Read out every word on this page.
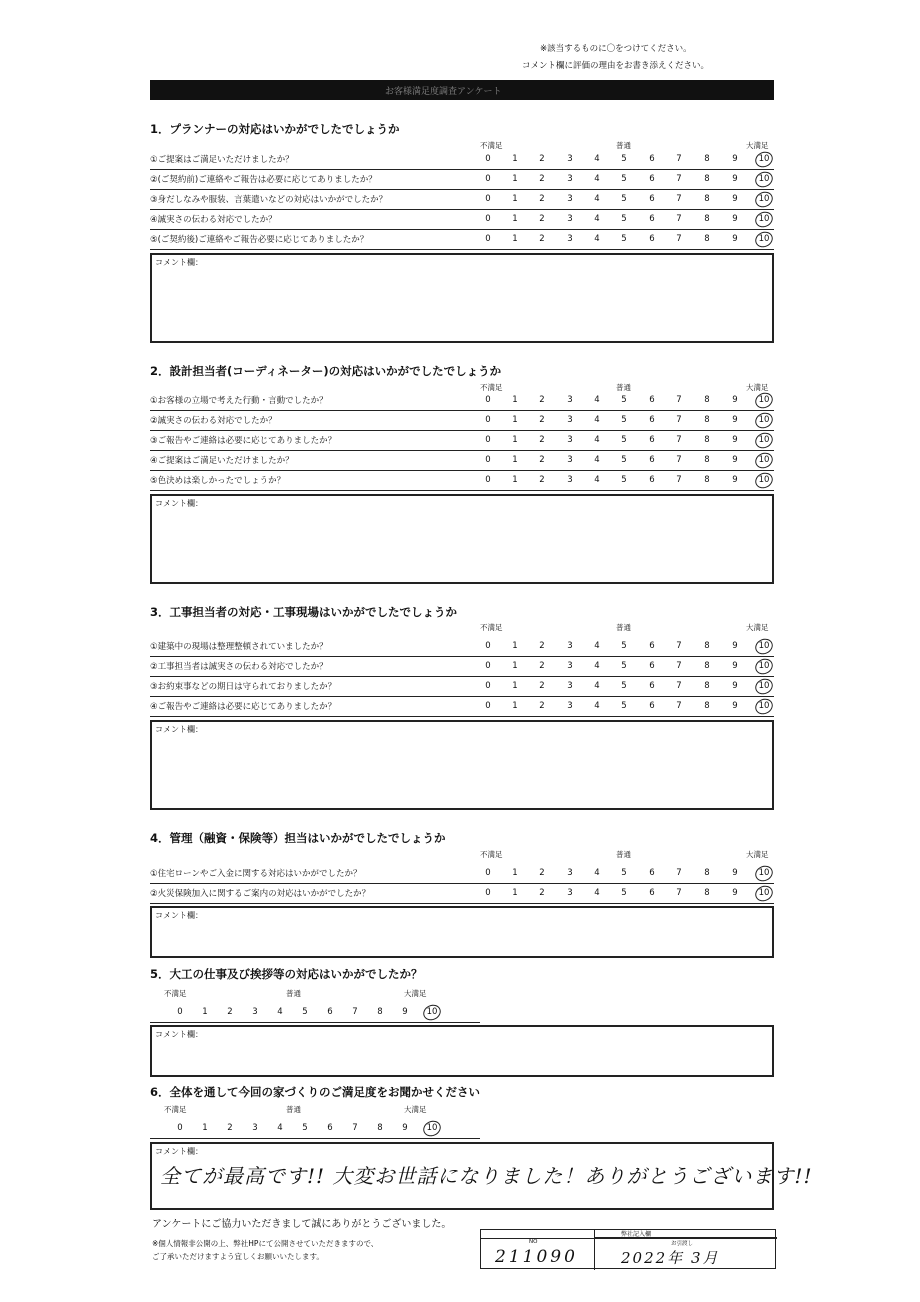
※該当するものに〇をつけてください。
コメント欄に評価の理由をお書き添えください。
お客様満足度調査アンケート
1．プランナーの対応はいかがでしたでしょうか
不満足	普通	大満足
①ご提案はご満足いただけましたか？	0	1	2	3	4	5	6	7	8	9	10
②(ご契約前)ご連絡やご報告は必要に応じてありましたか？	0	1	2	3	4	5	6	7	8	9	10
③身だしなみや服装、言葉遣いなどの対応はいかがでしたか？	0	1	2	3	4	5	6	7	8	9	10
④誠実さの伝わる対応でしたか？	0	1	2	3	4	5	6	7	8	9	10
⑤(ご契約後)ご連絡やご報告必要に応じてありましたか？	0	1	2	3	4	5	6	7	8	9	10
コメント欄：
2．設計担当者(コーディネーター)の対応はいかがでしたでしょうか
不満足	普通	大満足
①お客様の立場で考えた行動・言動でしたか？	0	1	2	3	4	5	6	7	8	9	10
②誠実さの伝わる対応でしたか？	0	1	2	3	4	5	6	7	8	9	10
③ご報告やご連絡は必要に応じてありましたか？	0	1	2	3	4	5	6	7	8	9	10
④ご提案はご満足いただけましたか？	0	1	2	3	4	5	6	7	8	9	10
⑤色決めは楽しかったでしょうか？	0	1	2	3	4	5	6	7	8	9	10
コメント欄：
3．工事担当者の対応・工事現場はいかがでしたでしょうか
不満足	普通	大満足
①建築中の現場は整理整頓されていましたか？	0	1	2	3	4	5	6	7	8	9	10
②工事担当者は誠実さの伝わる対応でしたか？	0	1	2	3	4	5	6	7	8	9	10
③お約束事などの期日は守られておりましたか？	0	1	2	3	4	5	6	7	8	9	10
④ご報告やご連絡は必要に応じてありましたか？	0	1	2	3	4	5	6	7	8	9	10
コメント欄：
4．管理（融資・保険等）担当はいかがでしたでしょうか
不満足	普通	大満足
①住宅ローンやご入金に関する対応はいかがでしたか？	0	1	2	3	4	5	6	7	8	9	10
②火災保険加入に関するご案内の対応はいかがでしたか？	0	1	2	3	4	5	6	7	8	9	10
コメント欄：
5．大工の仕事及び挨拶等の対応はいかがでしたか？
不満足	普通	大満足
0	1	2	3	4	5	6	7	8	9	10
コメント欄：
6．全体を通して今回の家づくりのご満足度をお聞かせください
不満足	普通	大満足
0	1	2	3	4	5	6	7	8	9	10
コメント欄：
全てが最高です!! 大変お世話になりました！ありがとうございます!!
アンケートにご協力いただきまして誠にありがとうございました。
※個人情報非公開の上、弊社HPにて公開させていただきますので、
ご了承いただけますよう宜しくお願いいたします。
弊社記入欄
NO	お引渡し
211090	2022年 3月
